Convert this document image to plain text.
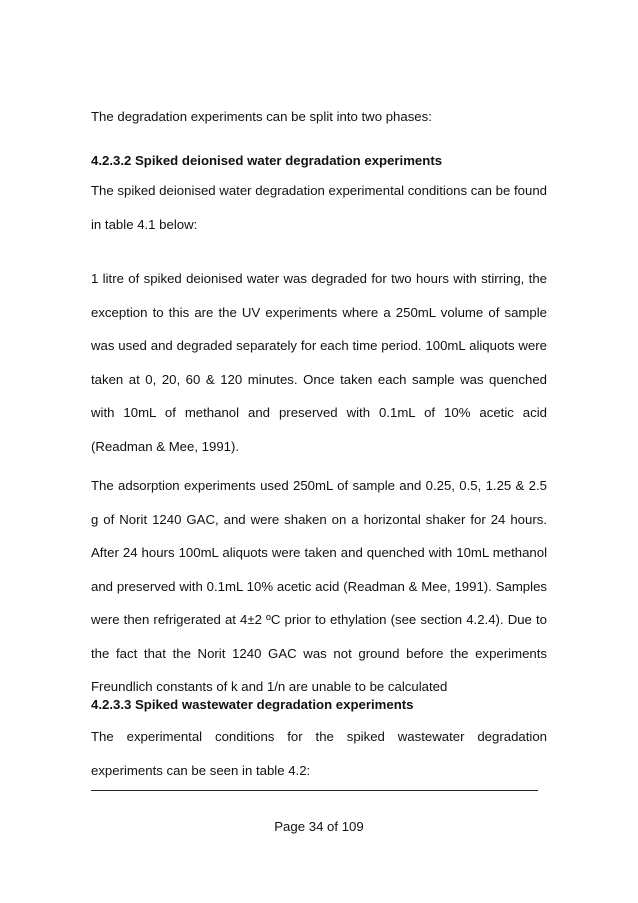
The degradation experiments can be split into two phases:

4.2.3.2 Spiked deionised water degradation experiments

The spiked deionised water degradation experimental conditions can be found in table 4.1 below:

1 litre of spiked deionised water was degraded for two hours with stirring, the exception to this are the UV experiments where a 250mL volume of sample was used and degraded separately for each time period. 100mL aliquots were taken at 0, 20, 60 & 120 minutes. Once taken each sample was quenched with 10mL of methanol and preserved with 0.1mL of 10% acetic acid (Readman & Mee, 1991).

The adsorption experiments used 250mL of sample and 0.25, 0.5, 1.25 & 2.5 g of Norit 1240 GAC, and were shaken on a horizontal shaker for 24 hours. After 24 hours 100mL aliquots were taken and quenched with 10mL methanol and preserved with 0.1mL 10% acetic acid (Readman & Mee, 1991). Samples were then refrigerated at 4±2 ºC prior to ethylation (see section 4.2.4). Due to the fact that the Norit 1240 GAC was not ground before the experiments Freundlich constants of k and 1/n are unable to be calculated

4.2.3.3 Spiked wastewater degradation experiments

The experimental conditions for the spiked wastewater degradation experiments can be seen in table 4.2:

Page 34 of 109
